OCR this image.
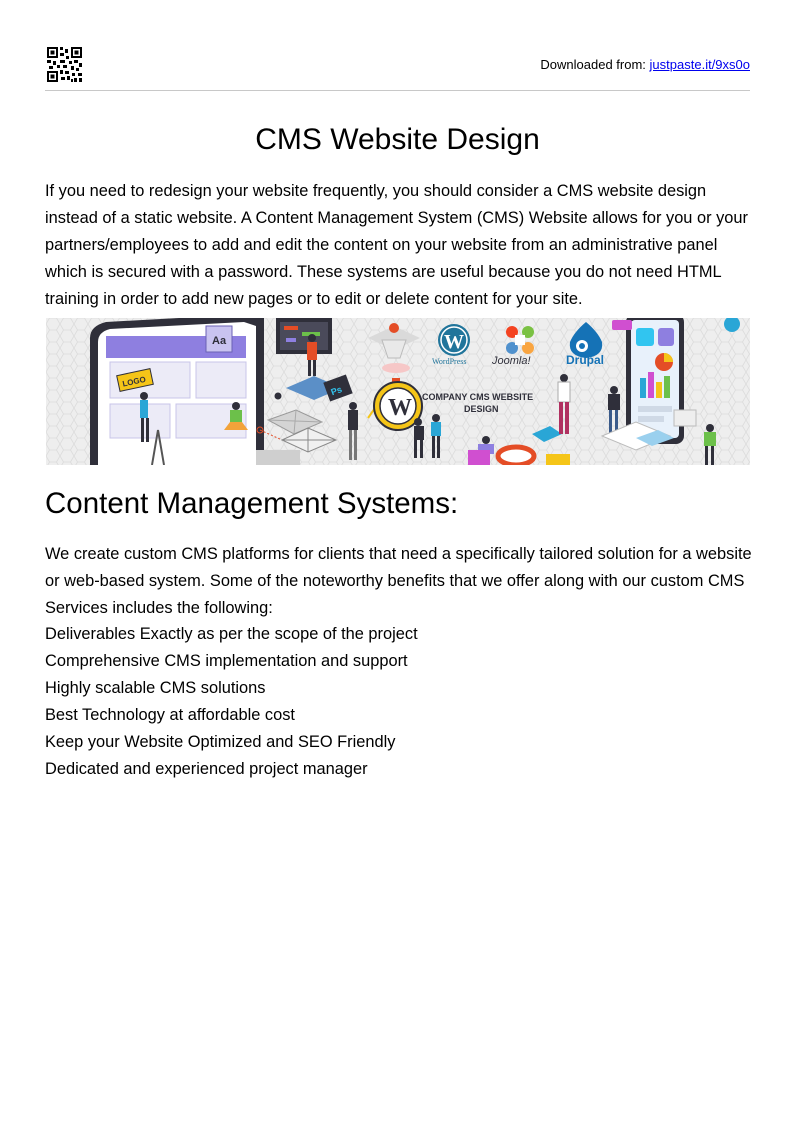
Downloaded from: justpaste.it/9xs0o
CMS Website Design

If you need to redesign your website frequently, you should consider a CMS website design instead of a static website. A Content Management System (CMS) Website allows for you or your partners/employees to add and edit the content on your website from an administrative panel which is secured with a password. These systems are useful because you do not need HTML training in order to add new pages or to edit or delete content for your site.

Aa
LOGO
Ps
W
W
WordPress Joomla!	Drupal
COMPANY CMS WEBSITE
DESIGN
Content Management Systems:

We create custom CMS platforms for clients that need a specifically tailored solution for a website or web-based system. Some of the noteworthy benefits that we offer along with our custom CMS Services includes the following:

Deliverables Exactly as per the scope of the project
Comprehensive CMS implementation and support
Highly scalable CMS solutions
Best Technology at affordable cost
Keep your Website Optimized and SEO Friendly
Dedicated and experienced project manager
